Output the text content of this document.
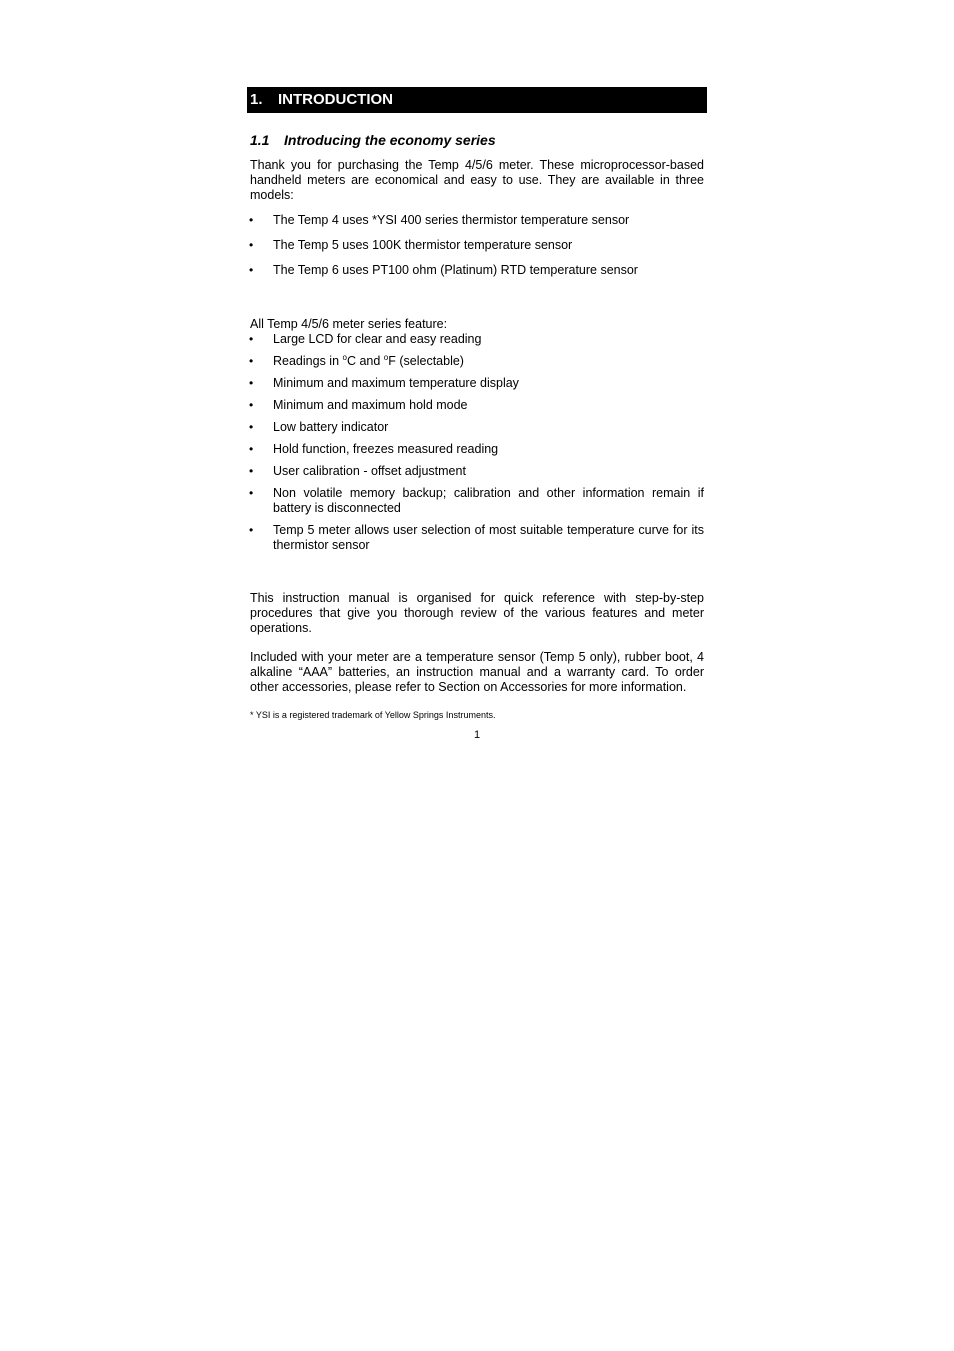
1. INTRODUCTION
1.1 Introducing the economy series
Thank you for purchasing the Temp 4/5/6 meter. These microprocessor-based handheld meters are economical and easy to use. They are available in three models:
• The Temp 4 uses *YSI 400 series thermistor temperature sensor
• The Temp 5 uses 100K thermistor temperature sensor
• The Temp 6 uses PT100 ohm (Platinum) RTD temperature sensor
All Temp 4/5/6 meter series feature:
• Large LCD for clear and easy reading
• Readings in $^o$C and $^o$F (selectable)
• Minimum and maximum temperature display
• Minimum and maximum hold mode
• Low battery indicator
• Hold function, freezes measured reading
• User calibration - offset adjustment
• Non volatile memory backup; calibration and other information remain if battery is disconnected
• Temp 5 meter allows user selection of most suitable temperature curve for its thermistor sensor
This instruction manual is organised for quick reference with step-by-step procedures that give you thorough review of the various features and meter operations.
Included with your meter are a temperature sensor (Temp 5 only), rubber boot, 4 alkaline “AAA” batteries, an instruction manual and a warranty card. To order other accessories, please refer to Section on Accessories for more information.
* YSI is a registered trademark of Yellow Springs Instruments.
1
